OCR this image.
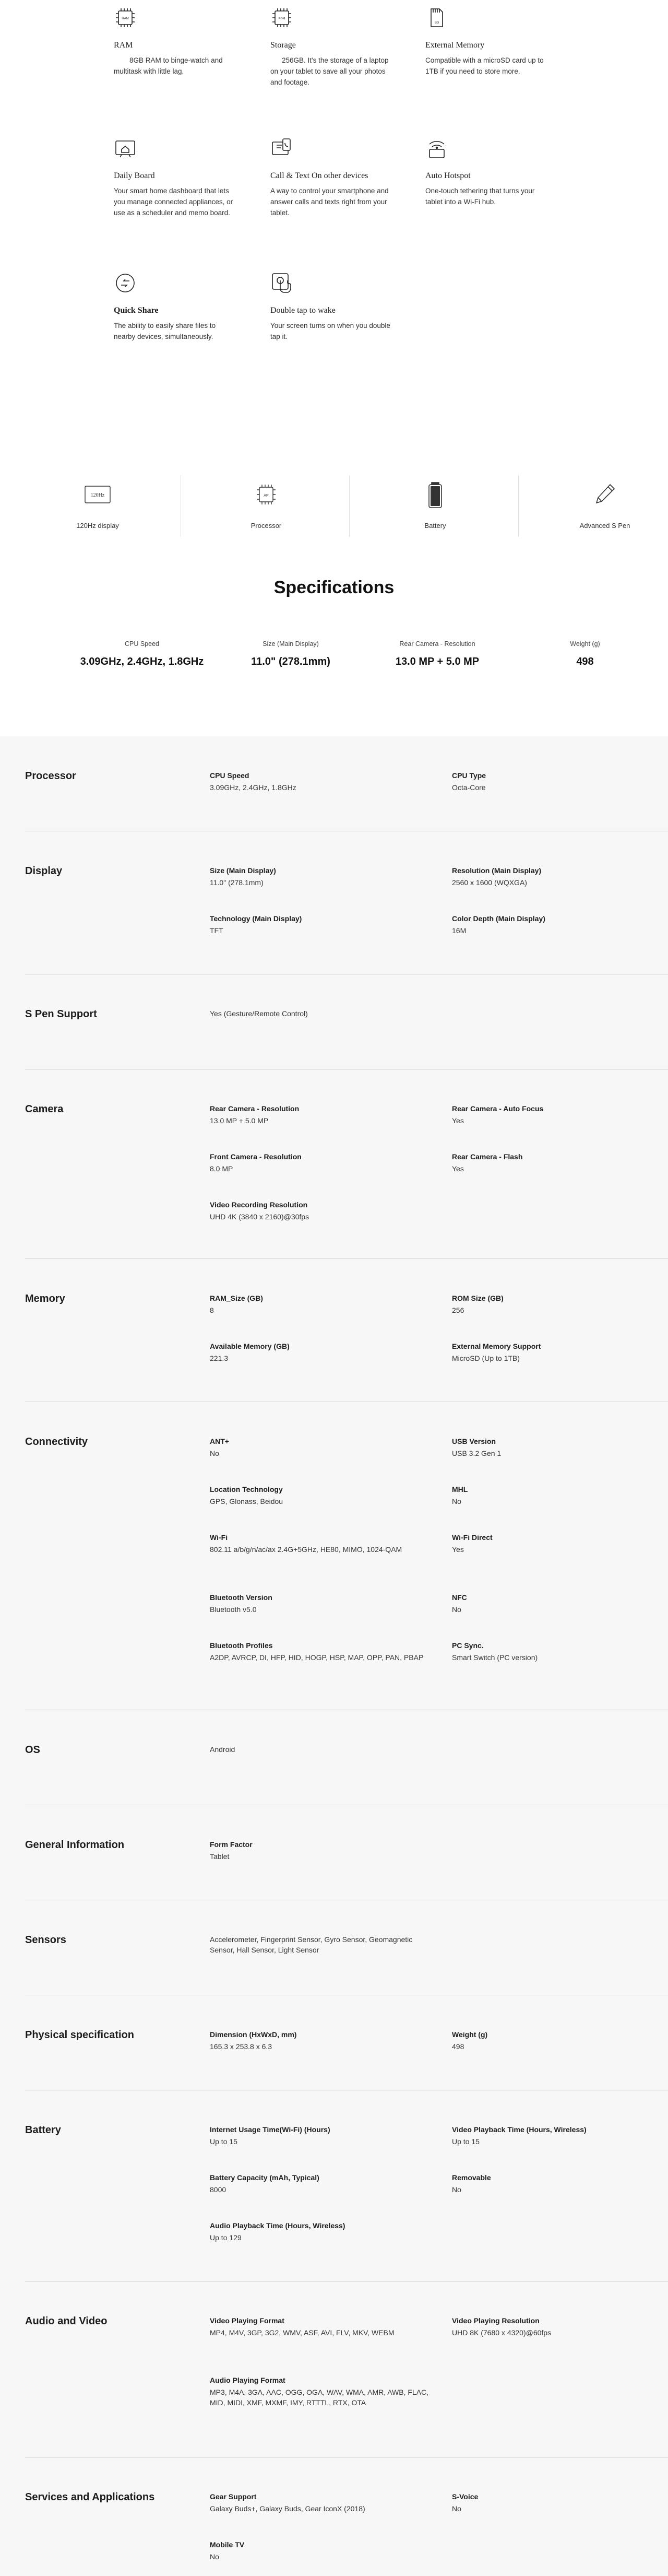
RAM
RAM
8GB RAM to binge-watch and multitask with little lag.
ROM
Storage
256GB. It's the storage of a laptop on your tablet to save all your photos and footage.
SD
External Memory
Compatible with a microSD card up to 1TB if you need to store more.
Daily Board
Your smart home dashboard that lets you manage connected appliances, or use as a scheduler and memo board.
Call & Text On other devices
A way to control your smartphone and answer calls and texts right from your tablet.
Auto Hotspot
One-touch tethering that turns your tablet into a Wi-Fi hub.
Quick Share
The ability to easily share files to nearby devices, simultaneously.
Double tap to wake
Your screen turns on when you double tap it.
120Hz
120Hz display
AP
Processor	Battery	Advanced S Pen
Specifications
CPU Speed
3.09GHz, 2.4GHz, 1.8GHz
Size (Main Display)
11.0" (278.1mm)
Rear Camera - Resolution
13.0 MP + 5.0 MP
Weight (g)
498
Processor	CPU Speed
3.09GHz, 2.4GHz, 1.8GHz
CPU Type
Octa-Core
Display	Size (Main Display)
11.0" (278.1mm)
Resolution (Main Display)
2560 x 1600 (WQXGA)
Technology (Main Display)
TFT
Color Depth (Main Display)
16M
S Pen Support	Yes (Gesture/Remote Control)
Camera	Rear Camera - Resolution
13.0 MP + 5.0 MP
Rear Camera - Auto Focus
Yes
Front Camera - Resolution
8.0 MP
Rear Camera - Flash
Yes
Video Recording Resolution
UHD 4K (3840 x 2160)@30fps
Memory	RAM_Size (GB)
8
ROM Size (GB)
256
Available Memory (GB)
221.3
External Memory Support
MicroSD (Up to 1TB)
Connectivity	ANT+
No
USB Version
USB 3.2 Gen 1
Location Technology
GPS, Glonass, Beidou
MHL
No
Wi-Fi
802.11 a/b/g/n/ac/ax 2.4G+5GHz, HE80, MIMO, 1024-QAM
Wi-Fi Direct
Yes
Bluetooth Version
Bluetooth v5.0
NFC
No
Bluetooth Profiles
A2DP, AVRCP, DI, HFP, HID, HOGP, HSP, MAP, OPP, PAN, PBAP
PC Sync.
Smart Switch (PC version)
OS	Android
General Information	Form Factor
Tablet
Sensors	Accelerometer, Fingerprint Sensor, Gyro Sensor, Geomagnetic Sensor, Hall Sensor, Light Sensor
Physical specification	Dimension (HxWxD, mm)
165.3 x 253.8 x 6.3
Weight (g)
498
Battery	Internet Usage Time(Wi-Fi) (Hours)
Up to 15
Video Playback Time (Hours, Wireless)
Up to 15
Battery Capacity (mAh, Typical)
8000
Removable
No
Audio Playback Time (Hours, Wireless)
Up to 129
Audio and Video	Video Playing Format
MP4, M4V, 3GP, 3G2, WMV, ASF, AVI, FLV, MKV, WEBM
Video Playing Resolution
UHD 8K (7680 x 4320)@60fps
Audio Playing Format
MP3, M4A, 3GA, AAC, OGG, OGA, WAV, WMA, AMR, AWB, FLAC, MID, MIDI, XMF, MXMF, IMY, RTTTL, RTX, OTA
Services and Applications	Gear Support
Galaxy Buds+, Galaxy Buds, Gear IconX (2018)
S-Voice
No
Mobile TV
No
